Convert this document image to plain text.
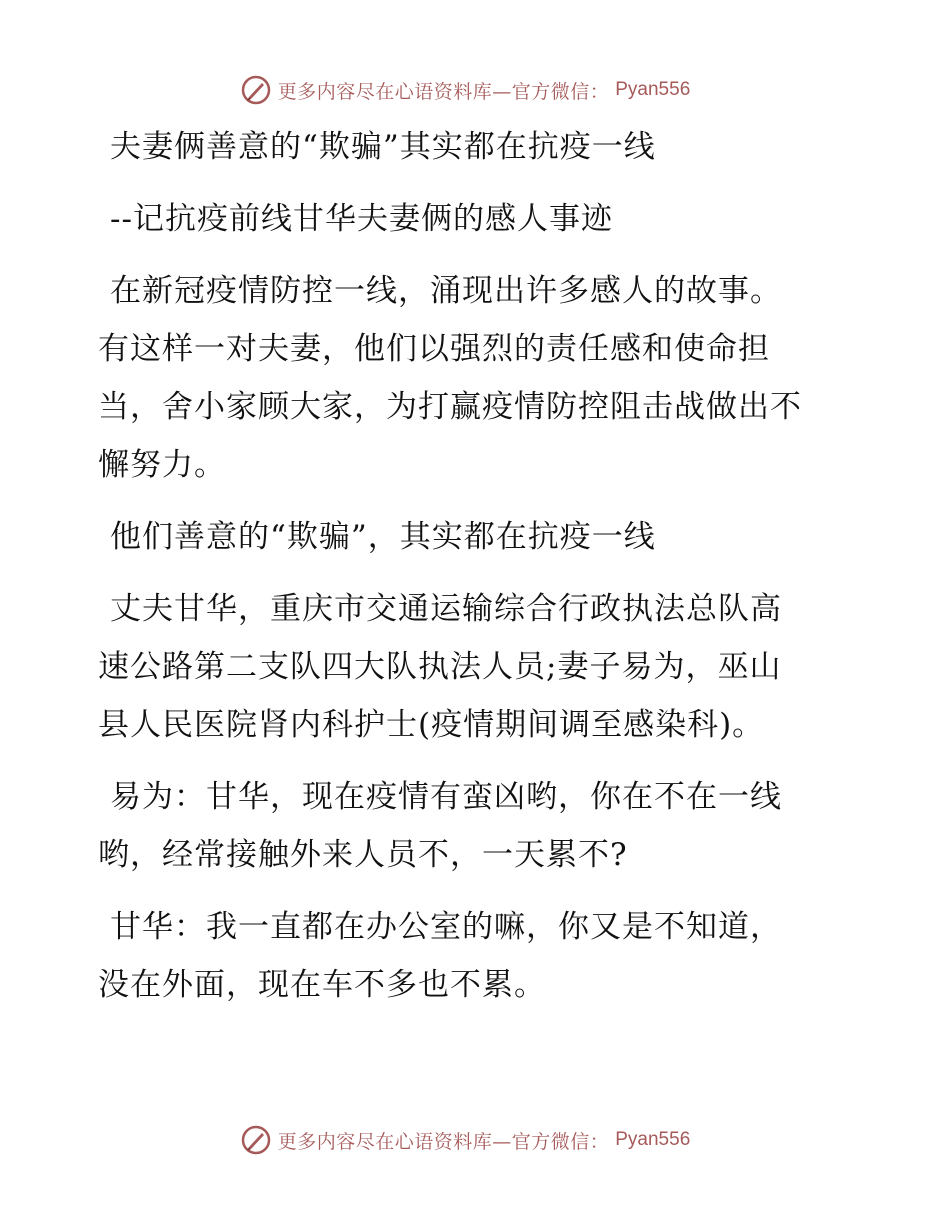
更多内容尽在心语资料库—官方微信： Pyan556
夫妻俩善意的“欺骗”其实都在抗疫一线
--记抗疫前线甘华夫妻俩的感人事迹
在新冠疫情防控一线，涌现出许多感人的故事。
有这样一对夫妻，他们以强烈的责任感和使命担
当，舍小家顾大家，为打赢疫情防控阻击战做出不
懈努力。
他们善意的“欺骗”，其实都在抗疫一线
丈夫甘华，重庆市交通运输综合行政执法总队高
速公路第二支队四大队执法人员;妻子易为，巫山
县人民医院肾内科护士(疫情期间调至感染科)。
易为：甘华，现在疫情有蛮凶哟，你在不在一线
哟，经常接触外来人员不，一天累不?
甘华：我一直都在办公室的嘛，你又是不知道，
没在外面，现在车不多也不累。
更多内容尽在心语资料库—官方微信： Pyan556
